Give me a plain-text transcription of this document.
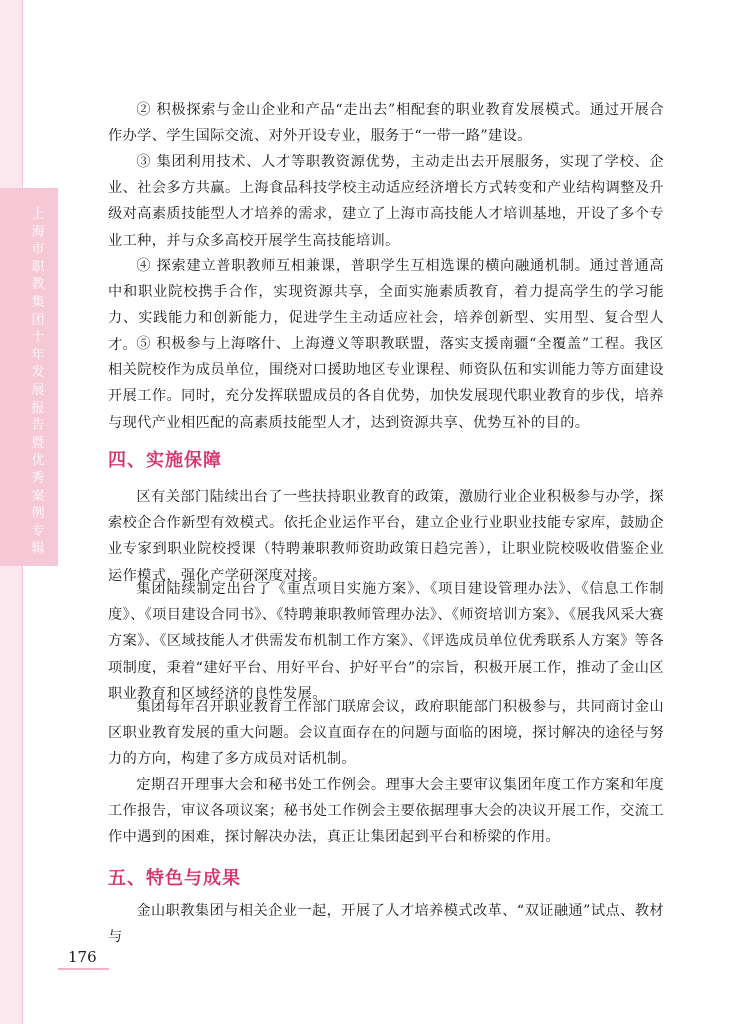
上海市职教集团十年发展报告暨优秀案例专辑

② 积极探索与金山企业和产品“走出去”相配套的职业教育发展模式。通过开展合作办学、学生国际交流、对外开设专业，服务于“一带一路”建设。

③ 集团利用技术、人才等职教资源优势，主动走出去开展服务，实现了学校、企业、社会多方共赢。上海食品科技学校主动适应经济增长方式转变和产业结构调整及升级对高素质技能型人才培养的需求，建立了上海市高技能人才培训基地，开设了多个专业工种，并与众多高校开展学生高技能培训。

④ 探索建立普职教师互相兼课，普职学生互相选课的横向融通机制。通过普通高中和职业院校携手合作，实现资源共享，全面实施素质教育，着力提高学生的学习能力、实践能力和创新能力，促进学生主动适应社会，培养创新型、实用型、复合型人才。 ⑤ 积极参与上海喀什、上海遵义等职教联盟，落实支援南疆“全覆盖”工程。我区相关院校作为成员单位，围绕对口援助地区专业课程、师资队伍和实训能力等方面建设开展工作。同时，充分发挥联盟成员的各自优势，加快发展现代职业教育的步伐，培养与现代产业相匹配的高素质技能型人才，达到资源共享、优势互补的目的。

四、实施保障

区有关部门陆续出台了一些扶持职业教育的政策，激励行业企业积极参与办学，探索校企合作新型有效模式。依托企业运作平台，建立企业行业职业技能专家库，鼓励企业专家到职业院校授课（特聘兼职教师资助政策日趋完善），让职业院校吸收借鉴企业运作模式，强化产学研深度对接。

集团陆续制定出台了《重点项目实施方案》、《项目建设管理办法》、《信息工作制度》、《项目建设合同书》、《特聘兼职教师管理办法》、《师资培训方案》、《展我风采大赛方案》、《区域技能人才供需发布机制工作方案》、《评选成员单位优秀联系人方案》等各项制度，秉着“建好平台、用好平台、护好平台”的宗旨，积极开展工作，推动了金山区职业教育和区域经济的良性发展。

集团每年召开职业教育工作部门联席会议，政府职能部门积极参与，共同商讨金山区职业教育发展的重大问题。会议直面存在的问题与面临的困境，探讨解决的途径与努力的方向，构建了多方成员对话机制。

定期召开理事大会和秘书处工作例会。理事大会主要审议集团年度工作方案和年度工作报告，审议各项议案；秘书处工作例会主要依据理事大会的决议开展工作，交流工作中遇到的困难，探讨解决办法，真正让集团起到平台和桥梁的作用。

五、特色与成果

金山职教集团与相关企业一起，开展了人才培养模式改革、“双证融通”试点、教材与

176
